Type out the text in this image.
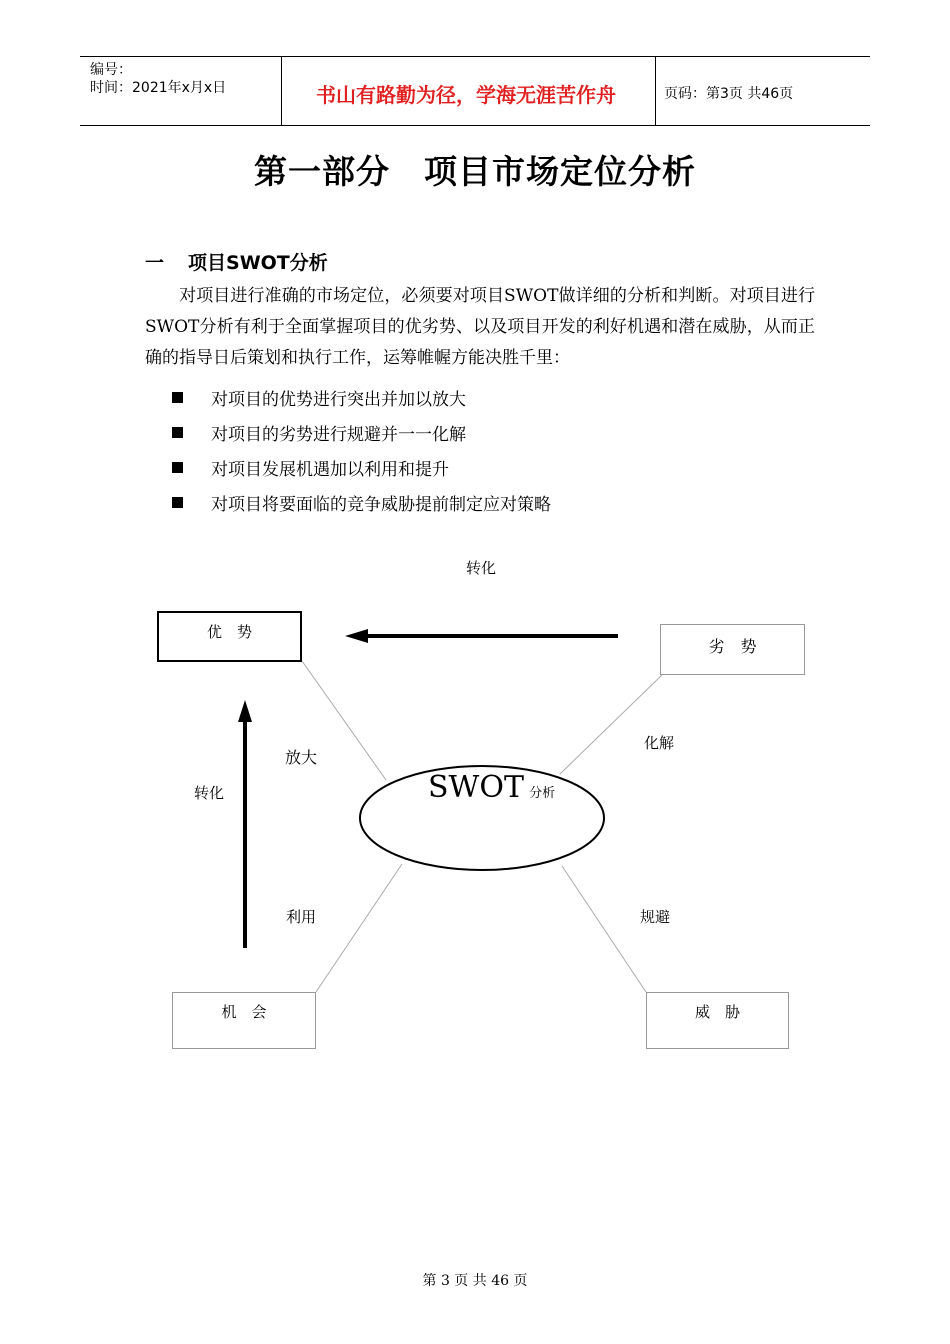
编号：
时间：2021年x月x日	书山有路勤为径，学海无涯苦作舟	页码：第3页 共46页
第一部分　项目市场定位分析
一 项目SWOT分析
对项目进行准确的市场定位，必须要对项目SWOT做详细的分析和判断。对项目进行SWOT分析有利于全面掌握项目的优劣势、以及项目开发的利好机遇和潜在威胁，从而正确的指导日后策划和执行工作，运筹帷幄方能决胜千里：
对项目的优势进行突出并加以放大
对项目的劣势进行规避并一一化解
对项目发展机遇加以利用和提升
对项目将要面临的竞争威胁提前制定应对策略
优　势
劣　势
机　会	威　胁
SWOT 分析
转化
转化
放大
化解
利用	规避
第 3 页 共 46 页
